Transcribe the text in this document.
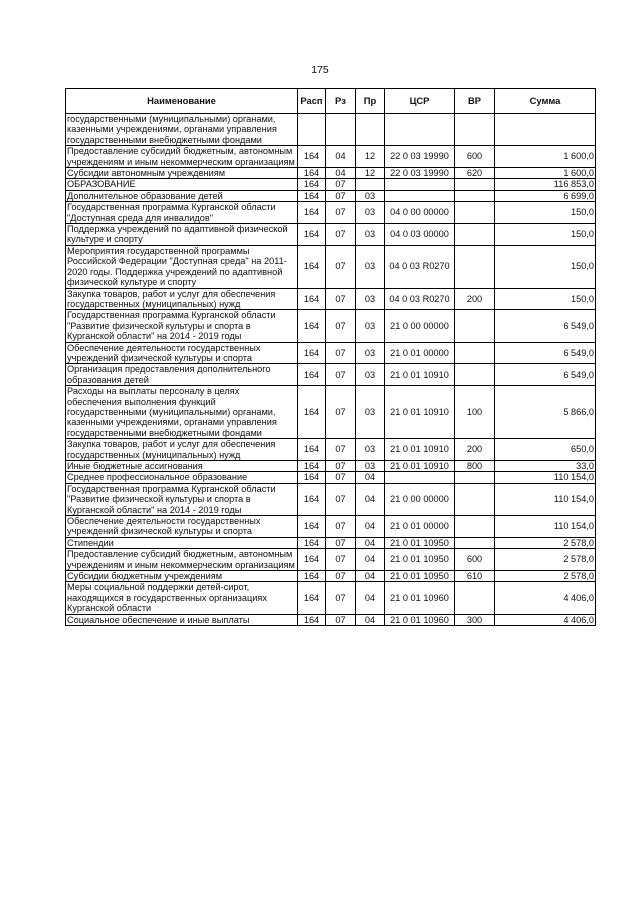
175
Наименование	Расп	Рз	Пр	ЦСР	ВР	Сумма
государственными (муниципальными) органами, казенными учреждениями, органами управления государственными внебюджетными фондами						
Предоставление субсидий бюджетным, автономным учреждениям и иным некоммерческим организациям	164	04	12	22 0 03 19990	600	1 600,0
Субсидии автономным учреждениям	164	04	12	22 0 03 19990	620	1 600,0
ОБРАЗОВАНИЕ	164	07				116 853,0
Дополнительное образование детей	164	07	03			6 699,0
Государственная программа Курганской области "Доступная среда для инвалидов"	164	07	03	04 0 00 00000		150,0
Поддержка учреждений по адаптивной физической культуре и спорту	164	07	03	04 0 03 00000		150,0
Мероприятия государственной программы Российской Федерации "Доступная среда" на 2011-2020 годы. Поддержка учреждений по адаптивной физической культуре и спорту	164	07	03	04 0 03 R0270		150,0
Закупка товаров, работ и услуг для обеспечения государственных (муниципальных) нужд	164	07	03	04 0 03 R0270	200	150,0
Государственная программа Курганской области "Развитие физической культуры и спорта в Курганской области" на 2014 - 2019 годы	164	07	03	21 0 00 00000		6 549,0
Обеспечение деятельности государственных учреждений физической культуры и спорта	164	07	03	21 0 01 00000		6 549,0
Организация предоставления дополнительного образования детей	164	07	03	21 0 01 10910		6 549,0
Расходы на выплаты персоналу в целях обеспечения выполнения функций государственными (муниципальными) органами, казенными учреждениями, органами управления государственными внебюджетными фондами	164	07	03	21 0 01 10910	100	5 866,0
Закупка товаров, работ и услуг для обеспечения государственных (муниципальных) нужд	164	07	03	21 0 01 10910	200	650,0
Иные бюджетные ассигнования	164	07	03	21 0 01 10910	800	33,0
Среднее профессиональное образование	164	07	04			110 154,0
Государственная программа Курганской области "Развитие физической культуры и спорта в Курганской области" на 2014 - 2019 годы	164	07	04	21 0 00 00000		110 154,0
Обеспечение деятельности государственных учреждений физической культуры и спорта	164	07	04	21 0 01 00000		110 154,0
Стипендии	164	07	04	21 0 01 10950		2 578,0
Предоставление субсидий бюджетным, автономным учреждениям и иным некоммерческим организациям	164	07	04	21 0 01 10950	600	2 578,0
Субсидии бюджетным учреждениям	164	07	04	21 0 01 10950	610	2 578,0
Меры социальной поддержки детей-сирот, находящихся в государственных организациях Курганской области	164	07	04	21 0 01 10960		4 406,0
Социальное обеспечение и иные выплаты	164	07	04	21 0 01 10960	300	4 406,0
